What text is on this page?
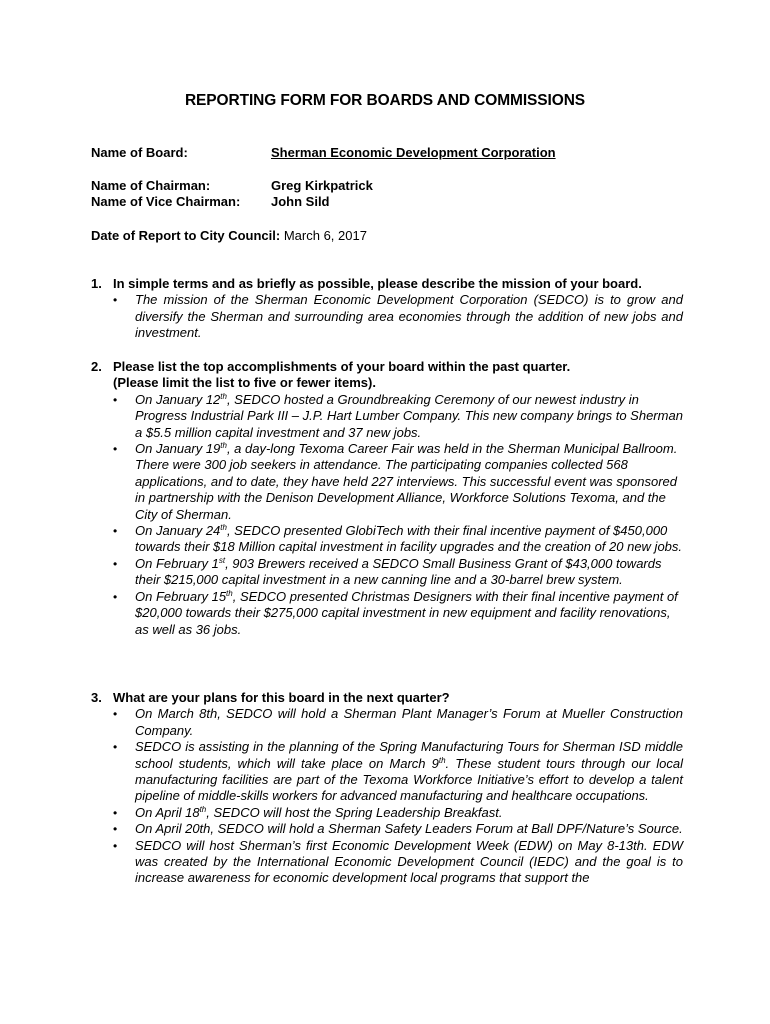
REPORTING FORM FOR BOARDS AND COMMISSIONS
Name of Board:	Sherman Economic Development Corporation
Name of Chairman:	Greg Kirkpatrick
Name of Vice Chairman: John Sild
Date of Report to City Council: March 6, 2017
1. In simple terms and as briefly as possible, please describe the mission of your board.
•	The mission of the Sherman Economic Development Corporation (SEDCO) is to grow and diversify the Sherman and surrounding area economies through the addition of new jobs and investment.
2. Please list the top accomplishments of your board within the past quarter.
(Please limit the list to five or fewer items).
•	On January 12th, SEDCO hosted a Groundbreaking Ceremony of our newest industry in Progress Industrial Park III – J.P. Hart Lumber Company. This new company brings to Sherman a $5.5 million capital investment and 37 new jobs.
•	On January 19th, a day-long Texoma Career Fair was held in the Sherman Municipal Ballroom. There were 300 job seekers in attendance. The participating companies collected 568 applications, and to date, they have held 227 interviews. This successful event was sponsored in partnership with the Denison Development Alliance, Workforce Solutions Texoma, and the City of Sherman.
•	On January 24th, SEDCO presented GlobiTech with their final incentive payment of $450,000 towards their $18 Million capital investment in facility upgrades and the creation of 20 new jobs.
•	On February 1st, 903 Brewers received a SEDCO Small Business Grant of $43,000 towards their $215,000 capital investment in a new canning line and a 30-barrel brew system.
•	On February 15th, SEDCO presented Christmas Designers with their final incentive payment of $20,000 towards their $275,000 capital investment in new equipment and facility renovations, as well as 36 jobs.
3. What are your plans for this board in the next quarter?
•	On March 8th, SEDCO will hold a Sherman Plant Manager’s Forum at Mueller Construction Company.
•	SEDCO is assisting in the planning of the Spring Manufacturing Tours for Sherman ISD middle school students, which will take place on March 9th. These student tours through our local manufacturing facilities are part of the Texoma Workforce Initiative’s effort to develop a talent pipeline of middle-skills workers for advanced manufacturing and healthcare occupations.
•	On April 18th, SEDCO will host the Spring Leadership Breakfast.
•	On April 20th, SEDCO will hold a Sherman Safety Leaders Forum at Ball DPF/Nature’s Source.
•	SEDCO will host Sherman’s first Economic Development Week (EDW) on May 8-13th. EDW was created by the International Economic Development Council (IEDC) and the goal is to increase awareness for economic development local programs that support the
